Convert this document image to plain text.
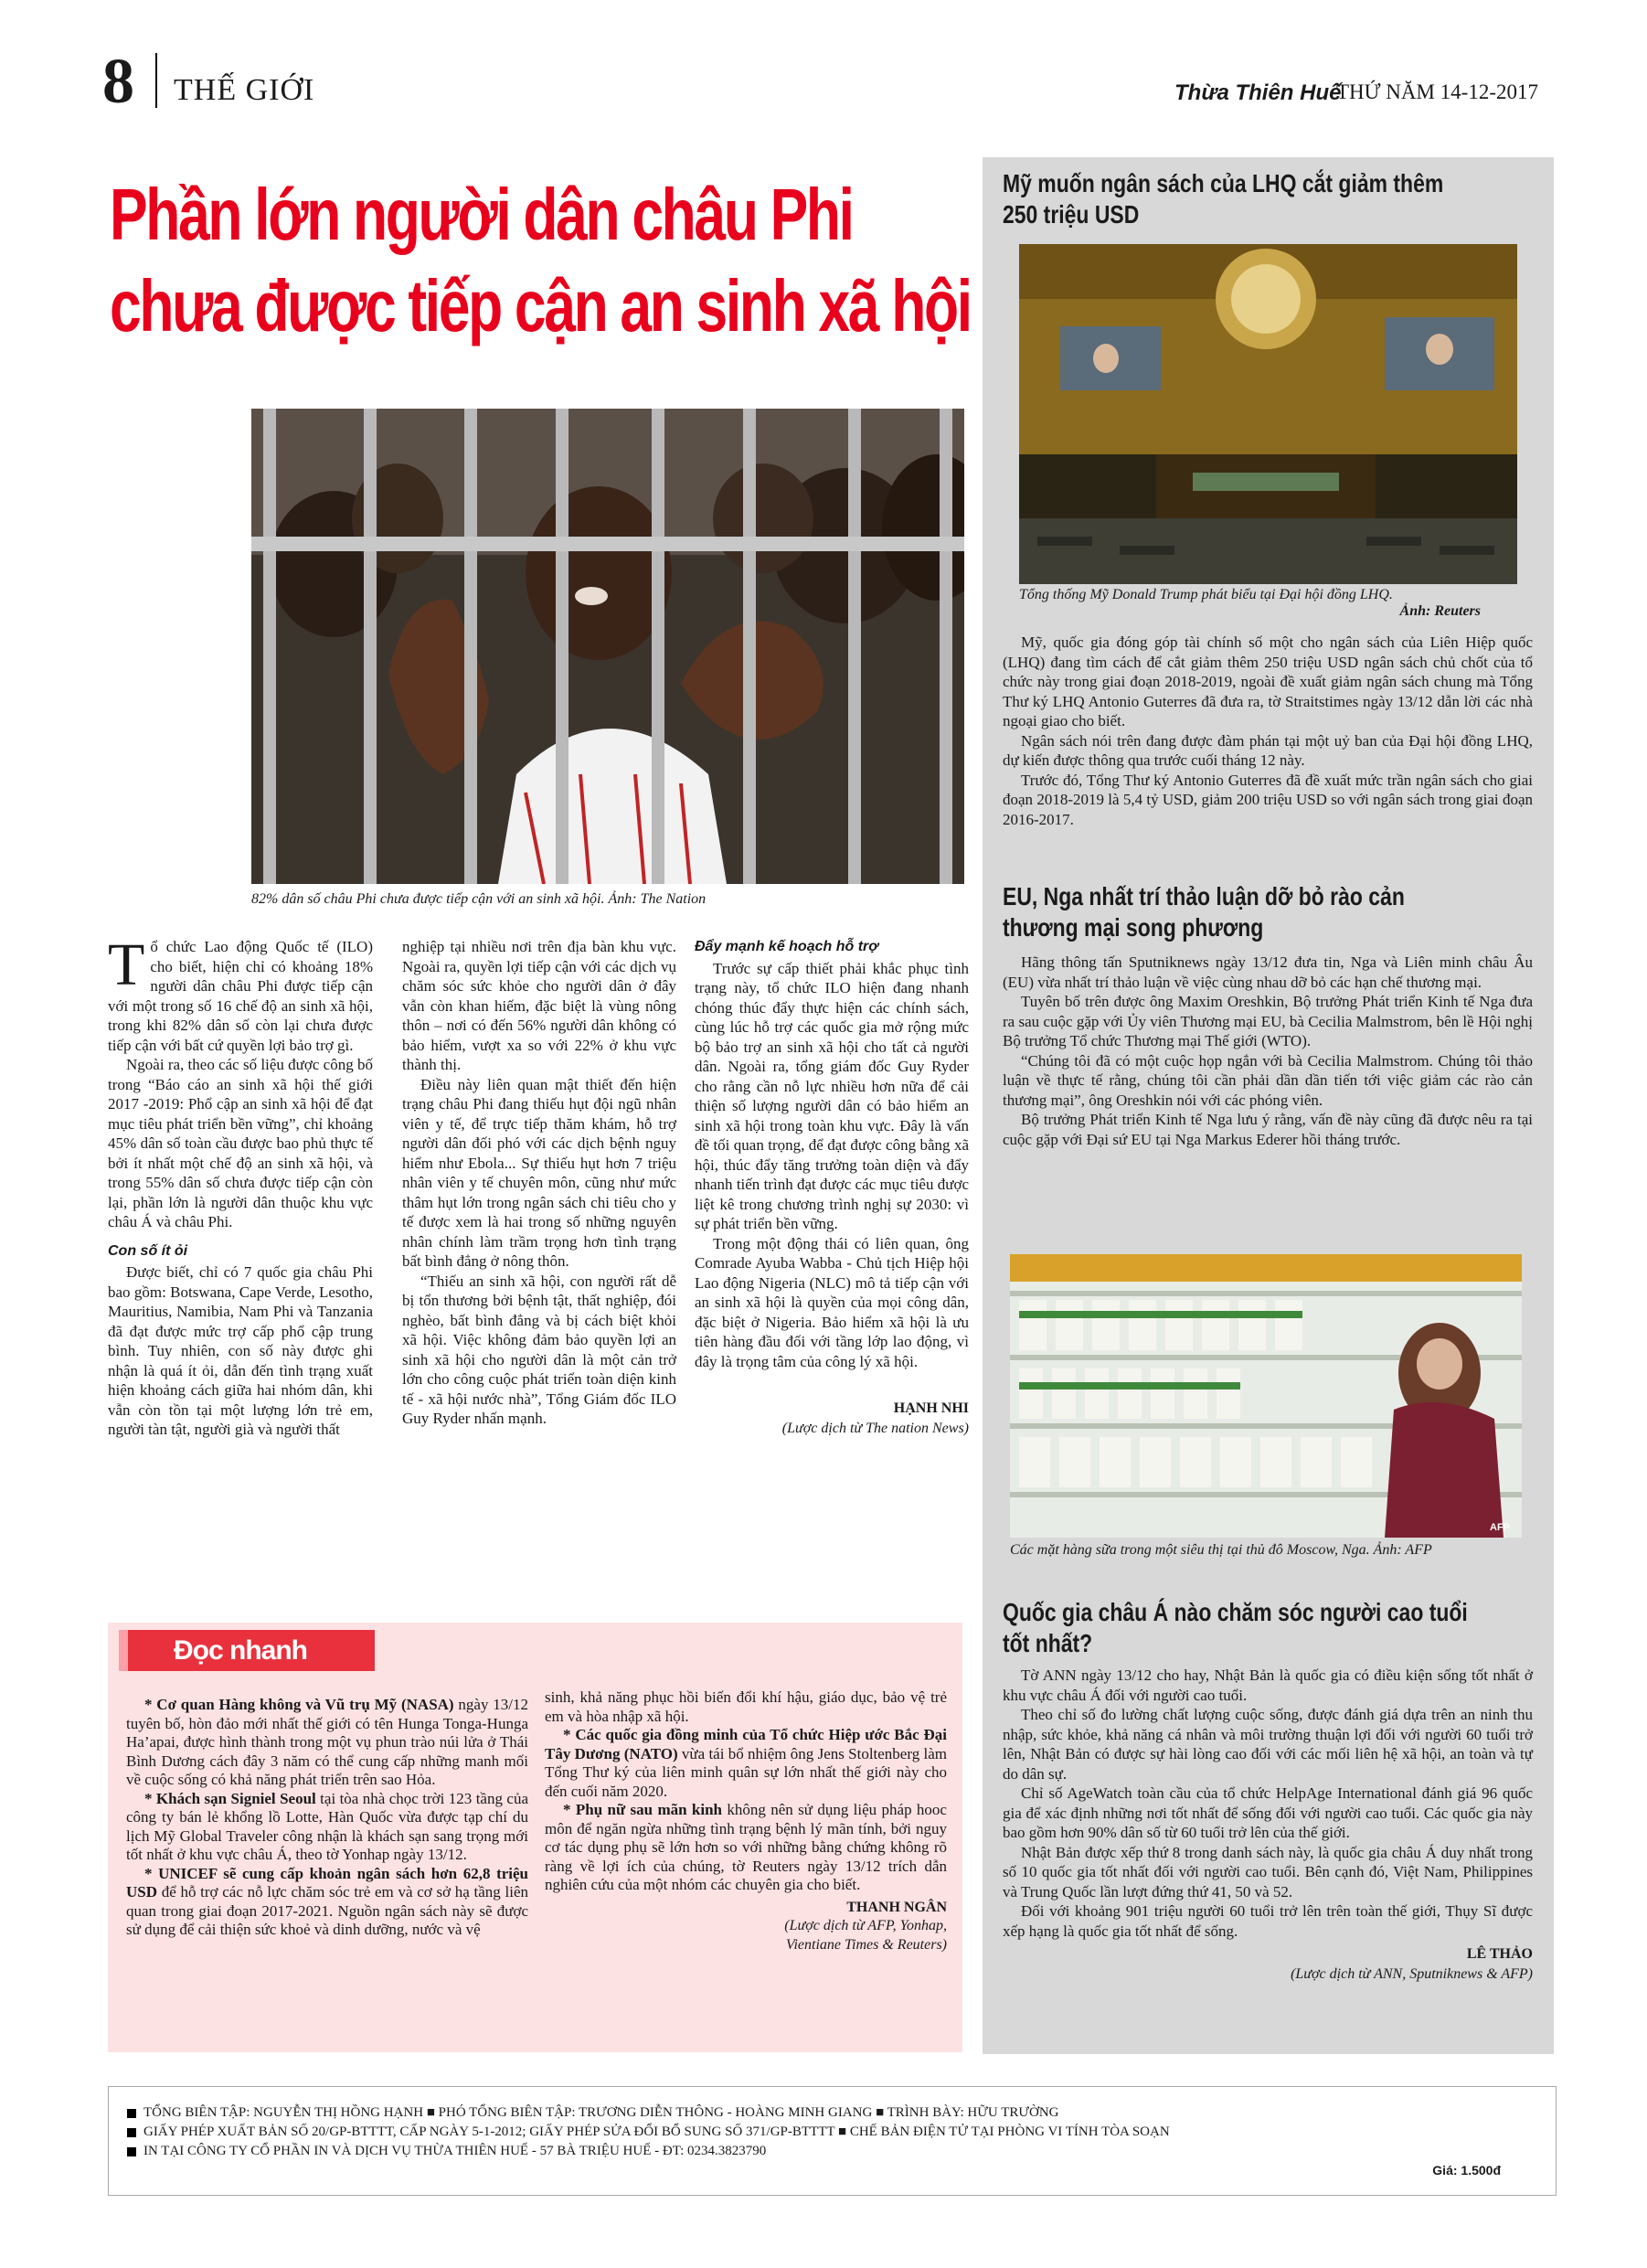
8 THẾ GIỚI	Thừa Thiên Huế
THỨ NĂM 14-12-2017
Phần lớn người dân châu Phi
chưa được tiếp cận an sinh xã hội
82% dân số châu Phi chưa được tiếp cận với an sinh xã hội. Ảnh: The Nation

Tổ chức Lao động Quốc tế (ILO) cho biết, hiện chỉ có khoảng 18% người dân châu Phi được tiếp cận với một trong số 16 chế độ an sinh xã hội, trong khi 82% dân số còn lại chưa được tiếp cận với bất cứ quyền lợi bảo trợ gì.

Ngoài ra, theo các số liệu được công bố trong “Báo cáo an sinh xã hội thế giới 2017 -2019: Phổ cập an sinh xã hội để đạt mục tiêu phát triển bền vững”, chỉ khoảng 45% dân số toàn cầu được bao phủ thực tế bởi ít nhất một chế độ an sinh xã hội, và trong 55% dân số chưa được tiếp cận còn lại, phần lớn là người dân thuộc khu vực châu Á và châu Phi.

Con số ít ỏi

Được biết, chỉ có 7 quốc gia châu Phi bao gồm: Botswana, Cape Verde, Lesotho, Mauritius, Namibia, Nam Phi và Tanzania đã đạt được mức trợ cấp phổ cập trung bình. Tuy nhiên, con số này được ghi nhận là quá ít ỏi, dẫn đến tình trạng xuất hiện khoảng cách giữa hai nhóm dân, khi vẫn còn tồn tại một lượng lớn trẻ em, người tàn tật, người già và người thất

nghiệp tại nhiều nơi trên địa bàn khu vực. Ngoài ra, quyền lợi tiếp cận với các dịch vụ chăm sóc sức khỏe cho người dân ở đây vẫn còn khan hiếm, đặc biệt là vùng nông thôn – nơi có đến 56% người dân không có bảo hiểm, vượt xa so với 22% ở khu vực thành thị.

Điều này liên quan mật thiết đến hiện trạng châu Phi đang thiếu hụt đội ngũ nhân viên y tế, để trực tiếp thăm khám, hỗ trợ người dân đối phó với các dịch bệnh nguy hiểm như Ebola... Sự thiếu hụt hơn 7 triệu nhân viên y tế chuyên môn, cũng như mức thâm hụt lớn trong ngân sách chi tiêu cho y tế được xem là hai trong số những nguyên nhân chính làm trầm trọng hơn tình trạng bất bình đẳng ở nông thôn.

“Thiếu an sinh xã hội, con người rất dễ bị tổn thương bởi bệnh tật, thất nghiệp, đói nghèo, bất bình đẳng và bị cách biệt khỏi xã hội. Việc không đảm bảo quyền lợi an sinh xã hội cho người dân là một cản trở lớn cho công cuộc phát triển toàn diện kinh tế - xã hội nước nhà”, Tổng Giám đốc ILO Guy Ryder nhấn mạnh.

Đẩy mạnh kế hoạch hỗ trợ

Trước sự cấp thiết phải khắc phục tình trạng này, tổ chức ILO hiện đang nhanh chóng thúc đẩy thực hiện các chính sách, cùng lúc hỗ trợ các quốc gia mở rộng mức bộ bảo trợ an sinh xã hội cho tất cả người dân. Ngoài ra, tổng giám đốc Guy Ryder cho rằng cần nỗ lực nhiều hơn nữa để cải thiện số lượng người dân có bảo hiểm an sinh xã hội trong toàn khu vực. Đây là vấn đề tối quan trọng, để đạt được công bằng xã hội, thúc đẩy tăng trưởng toàn diện và đẩy nhanh tiến trình đạt được các mục tiêu được liệt kê trong chương trình nghị sự 2030: vì sự phát triển bền vững.

Trong một động thái có liên quan, ông Comrade Ayuba Wabba - Chủ tịch Hiệp hội Lao động Nigeria (NLC) mô tả tiếp cận với an sinh xã hội là quyền của mọi công dân, đặc biệt ở Nigeria. Bảo hiểm xã hội là ưu tiên hàng đầu đối với tầng lớp lao động, vì đây là trọng tâm của công lý xã hội.

HẠNH NHI

(Lược dịch từ The nation News)

Đọc nhanh

* Cơ quan Hàng không và Vũ trụ Mỹ (NASA) ngày 13/12 tuyên bố, hòn đảo mới nhất thế giới có tên Hunga Tonga-Hunga Ha’apai, được hình thành trong một vụ phun trào núi lửa ở Thái Bình Dương cách đây 3 năm có thể cung cấp những manh mối về cuộc sống có khả năng phát triển trên sao Hỏa.

* Khách sạn Signiel Seoul tại tòa nhà chọc trời 123 tầng của công ty bán lẻ khổng lồ Lotte, Hàn Quốc vừa được tạp chí du lịch Mỹ Global Traveler công nhận là khách sạn sang trọng mới tốt nhất ở khu vực châu Á, theo tờ Yonhap ngày 13/12.

* UNICEF sẽ cung cấp khoản ngân sách hơn 62,8 triệu USD để hỗ trợ các nỗ lực chăm sóc trẻ em và cơ sở hạ tầng liên quan trong giai đoạn 2017-2021. Nguồn ngân sách này sẽ được sử dụng để cải thiện sức khoẻ và dinh dưỡng, nước và vệ

sinh, khả năng phục hồi biến đổi khí hậu, giáo dục, bảo vệ trẻ em và hòa nhập xã hội.

* Các quốc gia đồng minh của Tổ chức Hiệp ước Bắc Đại Tây Dương (NATO) vừa tái bổ nhiệm ông Jens Stoltenberg làm Tổng Thư ký của liên minh quân sự lớn nhất thế giới này cho đến cuối năm 2020.

* Phụ nữ sau mãn kinh không nên sử dụng liệu pháp hooc môn để ngăn ngừa những tình trạng bệnh lý mãn tính, bởi nguy cơ tác dụng phụ sẽ lớn hơn so với những bằng chứng không rõ ràng về lợi ích của chúng, tờ Reuters ngày 13/12 trích dẫn nghiên cứu của một nhóm các chuyên gia cho biết.

THANH NGÂN

(Lược dịch từ AFP, Yonhap, Vientiane Times & Reuters)

Mỹ muốn ngân sách của LHQ cắt giảm thêm
250 triệu USD
Tổng thống Mỹ Donald Trump phát biểu tại Đại hội đồng LHQ.
Ảnh: Reuters

Mỹ, quốc gia đóng góp tài chính số một cho ngân sách của Liên Hiệp quốc (LHQ) đang tìm cách để cắt giảm thêm 250 triệu USD ngân sách chủ chốt của tổ chức này trong giai đoạn 2018-2019, ngoài đề xuất giảm ngân sách chung mà Tổng Thư ký LHQ Antonio Guterres đã đưa ra, tờ Straitstimes ngày 13/12 dẫn lời các nhà ngoại giao cho biết.

Ngân sách nói trên đang được đàm phán tại một uỷ ban của Đại hội đồng LHQ, dự kiến được thông qua trước cuối tháng 12 này.

Trước đó, Tổng Thư ký Antonio Guterres đã đề xuất mức trần ngân sách cho giai đoạn 2018-2019 là 5,4 tỷ USD, giảm 200 triệu USD so với ngân sách trong giai đoạn 2016-2017.

EU, Nga nhất trí thảo luận dỡ bỏ rào cản
thương mại song phương

Hãng thông tấn Sputniknews ngày 13/12 đưa tin, Nga và Liên minh châu Âu (EU) vừa nhất trí thảo luận về việc cùng nhau dỡ bỏ các hạn chế thương mại.

Tuyên bố trên được ông Maxim Oreshkin, Bộ trưởng Phát triển Kinh tế Nga đưa ra sau cuộc gặp với Ủy viên Thương mại EU, bà Cecilia Malmstrom, bên lề Hội nghị Bộ trưởng Tổ chức Thương mại Thế giới (WTO).

“Chúng tôi đã có một cuộc họp ngắn với bà Cecilia Malmstrom. Chúng tôi thảo luận về thực tế rằng, chúng tôi cần phải dần dần tiến tới việc giảm các rào cản thương mại”, ông Oreshkin nói với các phóng viên.

Bộ trưởng Phát triển Kinh tế Nga lưu ý rằng, vấn đề này cũng đã được nêu ra tại cuộc gặp với Đại sứ EU tại Nga Markus Ederer hồi tháng trước.

AFP
Các mặt hàng sữa trong một siêu thị tại thủ đô Moscow, Nga. Ảnh: AFP
Quốc gia châu Á nào chăm sóc người cao tuổi
tốt nhất?

Tờ ANN ngày 13/12 cho hay, Nhật Bản là quốc gia có điều kiện sống tốt nhất ở khu vực châu Á đối với người cao tuổi.

Theo chỉ số đo lường chất lượng cuộc sống, được đánh giá dựa trên an ninh thu nhập, sức khỏe, khả năng cá nhân và môi trường thuận lợi đối với người 60 tuổi trở lên, Nhật Bản có được sự hài lòng cao đối với các mối liên hệ xã hội, an toàn và tự do dân sự.

Chỉ số AgeWatch toàn cầu của tổ chức HelpAge International đánh giá 96 quốc gia để xác định những nơi tốt nhất để sống đối với người cao tuổi. Các quốc gia này bao gồm hơn 90% dân số từ 60 tuổi trở lên của thế giới.

Nhật Bản được xếp thứ 8 trong danh sách này, là quốc gia châu Á duy nhất trong số 10 quốc gia tốt nhất đối với người cao tuổi. Bên cạnh đó, Việt Nam, Philippines và Trung Quốc lần lượt đứng thứ 41, 50 và 52.

Đối với khoảng 901 triệu người 60 tuổi trở lên trên toàn thế giới, Thụy Sĩ được xếp hạng là quốc gia tốt nhất để sống.

LÊ THẢO

(Lược dịch từ ANN, Sputniknews & AFP)

TỔNG BIÊN TẬP: NGUYỄN THỊ HỒNG HẠNH ■ PHÓ TỔNG BIÊN TẬP: TRƯƠNG DIỄN THÔNG - HOÀNG MINH GIANG ■ TRÌNH BÀY: HỮU TRƯỜNG
GIẤY PHÉP XUẤT BẢN SỐ 20/GP-BTTTT, CẤP NGÀY 5-1-2012; GIẤY PHÉP SỬA ĐỔI BỔ SUNG SỐ 371/GP-BTTTT ■ CHẾ BẢN ĐIỆN TỬ TẠI PHÒNG VI TÍNH TÒA SOẠN
IN TẠI CÔNG TY CỔ PHẦN IN VÀ DỊCH VỤ THỪA THIÊN HUẾ - 57 BÀ TRIỆU HUẾ - ĐT: 0234.3823790
Giá: 1.500đ
